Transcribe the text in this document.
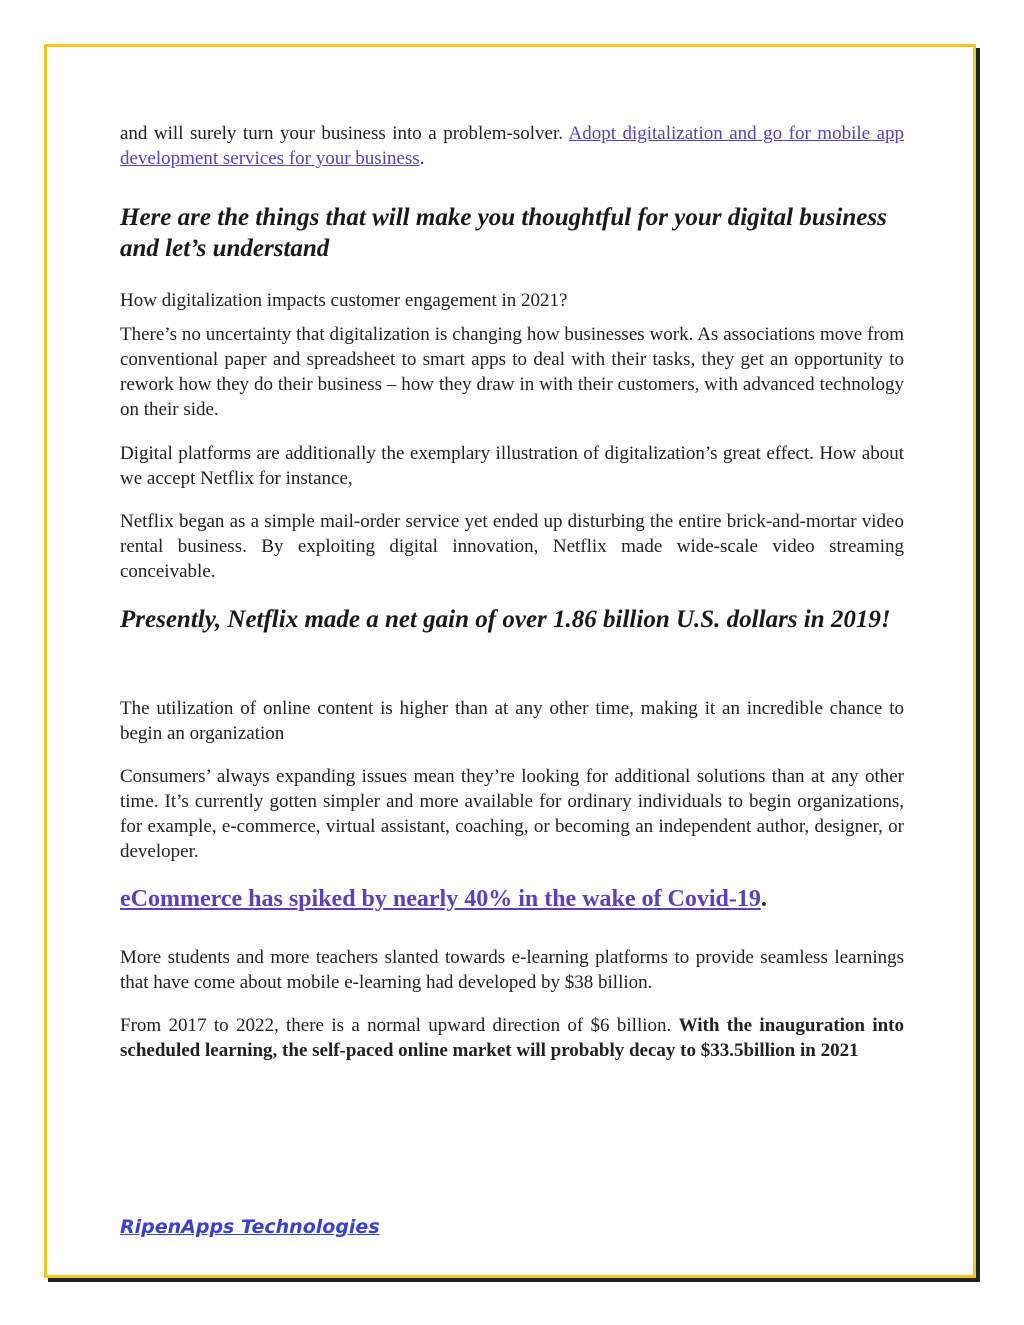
and will surely turn your business into a problem-solver. Adopt digitalization and go for mobile app development services for your business.

Here are the things that will make you thoughtful for your digital business and let’s understand

How digitalization impacts customer engagement in 2021?

There’s no uncertainty that digitalization is changing how businesses work. As associations move from conventional paper and spreadsheet to smart apps to deal with their tasks, they get an opportunity to rework how they do their business – how they draw in with their customers, with advanced technology on their side.

Digital platforms are additionally the exemplary illustration of digitalization’s great effect. How about we accept Netflix for instance,

Netflix began as a simple mail-order service yet ended up disturbing the entire brick-and-mortar video rental business. By exploiting digital innovation, Netflix made wide-scale video streaming conceivable.

Presently, Netflix made a net gain of over 1.86 billion U.S. dollars in 2019!

The utilization of online content is higher than at any other time, making it an incredible chance to begin an organization

Consumers’ always expanding issues mean they’re looking for additional solutions than at any other time. It’s currently gotten simpler and more available for ordinary individuals to begin organizations, for example, e-commerce, virtual assistant, coaching, or becoming an independent author, designer, or developer.

eCommerce has spiked by nearly 40% in the wake of Covid-19.

More students and more teachers slanted towards e-learning platforms to provide seamless learnings that have come about mobile e-learning had developed by $38 billion.

From 2017 to 2022, there is a normal upward direction of $6 billion. With the inauguration into scheduled learning, the self-paced online market will probably decay to $33.5billion in 2021

RipenApps Technologies
